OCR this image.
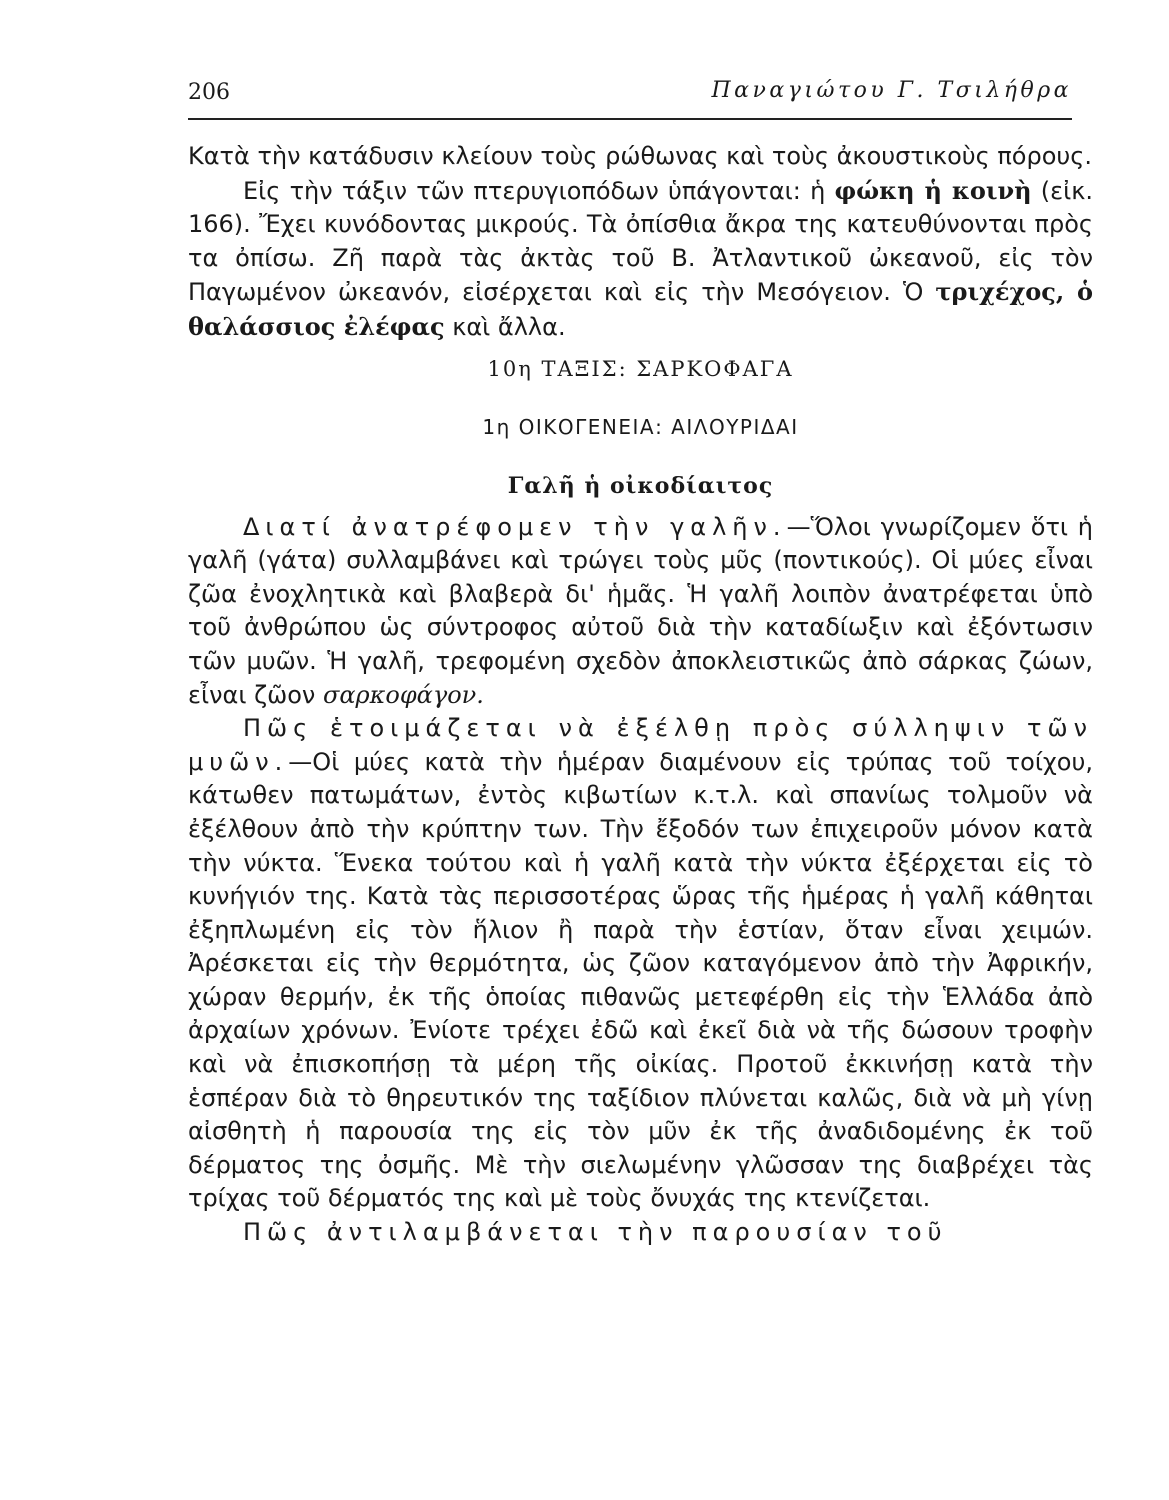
206	Παναγιώτου Γ. Τσιλήθρα

Κατὰ τὴν κατάδυσιν κλείουν τοὺς ρώθωνας καὶ τοὺς ἀκουστικοὺς πόρους.

Εἰς τὴν τάξιν τῶν πτερυγιοπόδων ὑπάγονται: ἡ φώκη ἡ κοινὴ (εἰκ. 166). Ἔχει κυνόδοντας μικρούς. Τὰ ὀπίσθια ἄκρα της κατευθύνονται πρὸς τα ὀπίσω. Ζῆ παρὰ τὰς ἀκτὰς τοῦ Β. Ἀτλαντικοῦ ὠκεανοῦ, εἰς τὸν Παγωμένον ὠκεανόν, εἰσέρχεται καὶ εἰς τὴν Μεσόγειον. Ὁ τριχέχος, ὁ θαλάσσιος ἐλέφας καὶ ἄλλα.

10η ΤΑΞΙΣ: ΣΑΡΚΟΦΑΓΑ

1η ΟΙΚΟΓΕΝΕΙΑ: ΑΙΛΟΥΡΙΔΑΙ

Γαλῆ ἡ οἰκοδίαιτος

Διατί ἀνατρέφομεν τὴν γαλῆν.—Ὅλοι γνωρίζομεν ὅτι ἡ γαλῆ (γάτα) συλλαμβάνει καὶ τρώγει τοὺς μῦς (ποντικούς). Οἱ μύες εἶναι ζῶα ἐνοχλητικὰ καὶ βλαβερὰ δι' ἡμᾶς. Ἡ γαλῆ λοιπὸν ἀνατρέφεται ὑπὸ τοῦ ἀνθρώπου ὡς σύντροφος αὐτοῦ διὰ τὴν καταδίωξιν καὶ ἐξόντωσιν τῶν μυῶν. Ἡ γαλῆ, τρεφομένη σχεδὸν ἀποκλειστικῶς ἀπὸ σάρκας ζώων, εἶναι ζῶον σαρκοφάγον.

Πῶς ἑτοιμάζεται νὰ ἐξέλθῃ πρὸς σύλληψιν τῶν μυῶν.—Οἱ μύες κατὰ τὴν ἡμέραν διαμένουν εἰς τρύπας τοῦ τοίχου, κάτωθεν πατωμάτων, ἐντὸς κιβωτίων κ.τ.λ. καὶ σπανίως τολμοῦν νὰ ἐξέλθουν ἀπὸ τὴν κρύπτην των. Τὴν ἔξοδόν των ἐπιχειροῦν μόνον κατὰ τὴν νύκτα. Ἕνεκα τούτου καὶ ἡ γαλῆ κατὰ τὴν νύκτα ἐξέρχεται εἰς τὸ κυνήγιόν της. Κατὰ τὰς περισσοτέρας ὥρας τῆς ἡμέρας ἡ γαλῆ κάθηται ἐξηπλωμένη εἰς τὸν ἥλιον ἢ παρὰ τὴν ἑστίαν, ὅταν εἶναι χειμών. Ἀρέσκεται εἰς τὴν θερμότητα, ὡς ζῶον καταγόμενον ἀπὸ τὴν Ἀφρικήν, χώραν θερμήν, ἐκ τῆς ὁποίας πιθανῶς μετεφέρθη εἰς τὴν Ἑλλάδα ἀπὸ ἀρχαίων χρόνων. Ἐνίοτε τρέχει ἐδῶ καὶ ἐκεῖ διὰ νὰ τῆς δώσουν τροφὴν καὶ νὰ ἐπισκοπήσῃ τὰ μέρη τῆς οἰκίας. Προτοῦ ἐκκινήσῃ κατὰ τὴν ἑσπέραν διὰ τὸ θηρευτικόν της ταξίδιον πλύνεται καλῶς, διὰ νὰ μὴ γίνῃ αἰσθητὴ ἡ παρουσία της εἰς τὸν μῦν ἐκ τῆς ἀναδιδομένης ἐκ τοῦ δέρματος της ὀσμῆς. Μὲ τὴν σιελωμένην γλῶσσαν της διαβρέχει τὰς τρίχας τοῦ δέρματός της καὶ μὲ τοὺς ὄνυχάς της κτενίζεται.

Πῶς ἀντιλαμβάνεται τὴν παρουσίαν τοῦ
